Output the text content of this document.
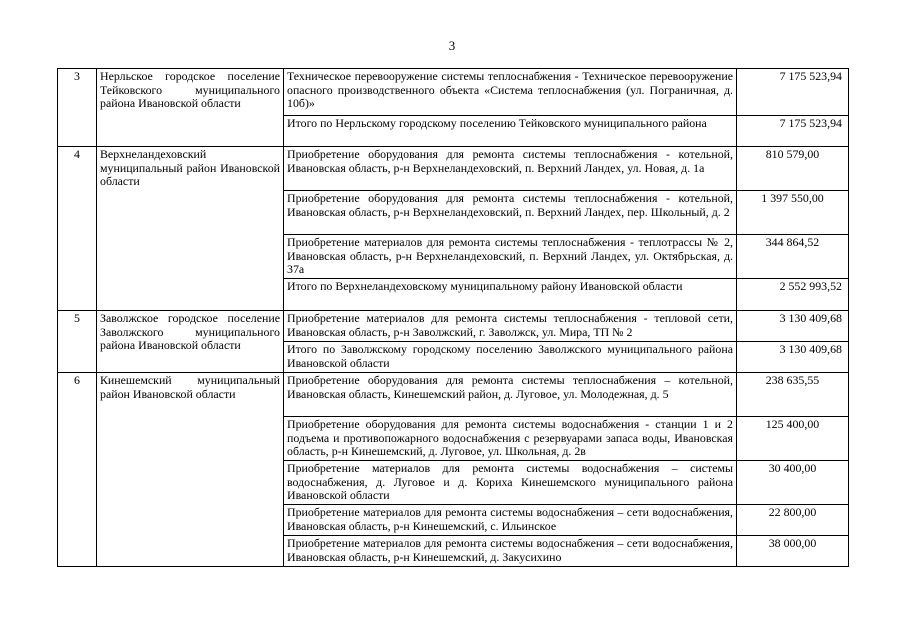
3
3	Нерльское городское поселение Тейковского муниципального района Ивановской области	Техническое перевооружение системы теплоснабжения - Техническое перевооружение опасного производственного объекта «Система теплоснабжения (ул. Пограничная, д. 10б)»	7 175 523,94
		Итого по Нерльскому городскому поселению Тейковского муниципального района	7 175 523,94
4	Верхнеландеховский муниципальный район Ивановской области	Приобретение оборудования для ремонта системы теплоснабжения - котельной, Ивановская область, р-н Верхнеландеховский, п. Верхний Ландех, ул. Новая, д. 1а	810 579,00
		Приобретение оборудования для ремонта системы теплоснабжения - котельной, Ивановская область, р-н Верхнеландеховский, п. Верхний Ландех, пер. Школьный, д. 2	1 397 550,00
		Приобретение материалов для ремонта системы теплоснабжения - теплотрассы № 2, Ивановская область, р-н Верхнеландеховский, п. Верхний Ландех, ул. Октябрьская, д. 37а	344 864,52
		Итого по Верхнеландеховскому муниципальному району Ивановской области	2 552 993,52
5	Заволжское городское поселение Заволжского муниципального района Ивановской области	Приобретение материалов для ремонта системы теплоснабжения - тепловой сети, Ивановская область, р-н Заволжский, г. Заволжск, ул. Мира, ТП № 2	3 130 409,68
		Итого по Заволжскому городскому поселению Заволжского муниципального района Ивановской области	3 130 409,68
6	Кинешемский муниципальный район Ивановской области	Приобретение оборудования для ремонта системы теплоснабжения – котельной, Ивановская область, Кинешемский район, д. Луговое, ул. Молодежная, д. 5	238 635,55
		Приобретение оборудования для ремонта системы водоснабжения - станции 1 и 2 подъема и противопожарного водоснабжения с резервуарами запаса воды, Ивановская область, р-н Кинешемский, д. Луговое, ул. Школьная, д. 2в	125 400,00
		Приобретение материалов для ремонта системы водоснабжения – системы водоснабжения, д. Луговое и д. Кориха Кинешемского муниципального района Ивановской области	30 400,00
		Приобретение материалов для ремонта системы водоснабжения – сети водоснабжения, Ивановская область, р-н Кинешемский, с. Ильинское	22 800,00
		Приобретение материалов для ремонта системы водоснабжения – сети водоснабжения, Ивановская область, р-н Кинешемский, д. Закусихино	38 000,00
